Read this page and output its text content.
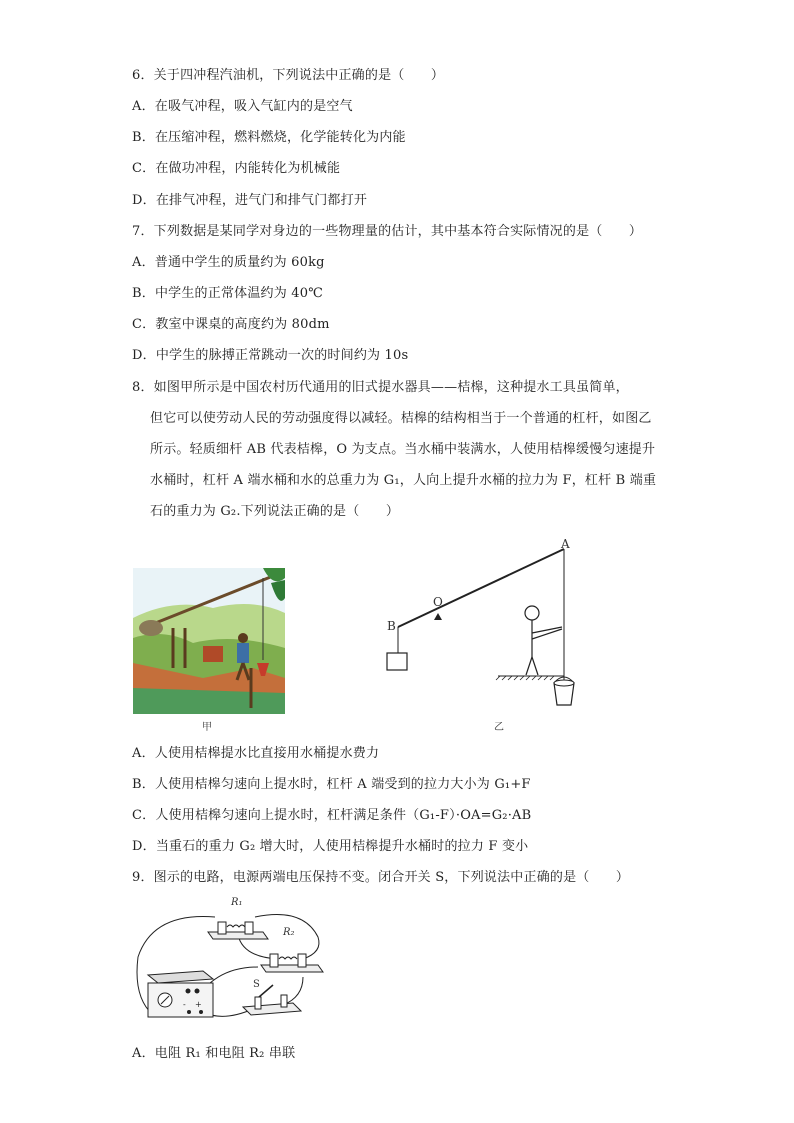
6．关于四冲程汽油机，下列说法中正确的是（　　）
A．在吸气冲程，吸入气缸内的是空气
B．在压缩冲程，燃料燃烧，化学能转化为内能
C．在做功冲程，内能转化为机械能
D．在排气冲程，进气门和排气门都打开
7．下列数据是某同学对身边的一些物理量的估计，其中基本符合实际情况的是（　　）
A．普通中学生的质量约为 60kg
B．中学生的正常体温约为 40℃
C．教室中课桌的高度约为 80dm
D．中学生的脉搏正常跳动一次的时间约为 10s
8．如图甲所示是中国农村历代通用的旧式提水器具——桔槔，这种提水工具虽简单，
但它可以使劳动人民的劳动强度得以减轻。桔槔的结构相当于一个普通的杠杆，如图乙
所示。轻质细杆 AB 代表桔槔，O 为支点。当水桶中装满水，人使用桔槔缓慢匀速提升
水桶时，杠杆 A 端水桶和水的总重力为 G₁，人向上提升水桶的拉力为 F，杠杆 B 端重
石的重力为 G₂.下列说法正确的是（　　）
甲
A
B
O
乙
A．人使用桔槔提水比直接用水桶提水费力
B．人使用桔槔匀速向上提水时，杠杆 A 端受到的拉力大小为 G₁+F
C．人使用桔槔匀速向上提水时，杠杆满足条件（G₁-F）·OA=G₂·AB
D．当重石的重力 G₂ 增大时，人使用桔槔提升水桶时的拉力 F 变小
9．图示的电路，电源两端电压保持不变。闭合开关 S，下列说法中正确的是（　　）
- +
R₁
R₂
S
A．电阻 R₁ 和电阻 R₂ 串联
